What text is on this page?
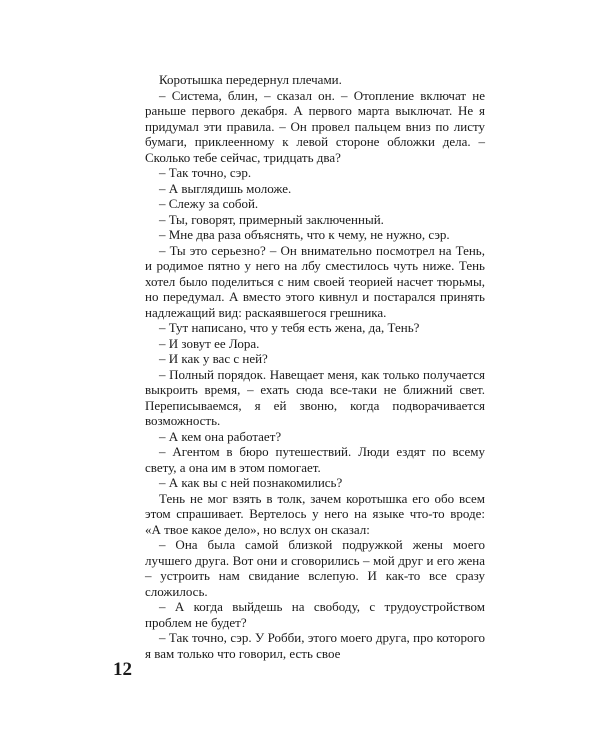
Коротышка передернул плечами.

– Система, блин, – сказал он. – Отопление включат не раньше первого декабря. А первого марта выключат. Не я придумал эти правила. – Он провел пальцем вниз по листу бумаги, приклеенному к левой стороне обложки дела. – Сколько тебе сейчас, тридцать два?

– Так точно, сэр.

– А выглядишь моложе.

– Слежу за собой.

– Ты, говорят, примерный заключенный.

– Мне два раза объяснять, что к чему, не нужно, сэр.

– Ты это серьезно? – Он внимательно посмотрел на Тень, и родимое пятно у него на лбу сместилось чуть ниже. Тень хотел было поделиться с ним своей теорией насчет тюрьмы, но передумал. А вместо этого кивнул и постарался принять надлежащий вид: раскаявшегося грешника.

– Тут написано, что у тебя есть жена, да, Тень?

– И зовут ее Лора.

– И как у вас с ней?

– Полный порядок. Навещает меня, как только получается выкроить время, – ехать сюда все-таки не ближний свет. Переписываемся, я ей звоню, когда подворачивается возможность.

– А кем она работает?

– Агентом в бюро путешествий. Люди ездят по всему свету, а она им в этом помогает.

– А как вы с ней познакомились?

Тень не мог взять в толк, зачем коротышка его обо всем этом спрашивает. Вертелось у него на языке что-то вроде: «А твое какое дело», но вслух он сказал:

– Она была самой близкой подружкой жены моего лучшего друга. Вот они и сговорились – мой друг и его жена – устроить нам свидание вслепую. И как-то все сразу сложилось.

– А когда выйдешь на свободу, с трудоустройством проблем не будет?

– Так точно, сэр. У Робби, этого моего друга, про которого я вам только что говорил, есть свое

12
